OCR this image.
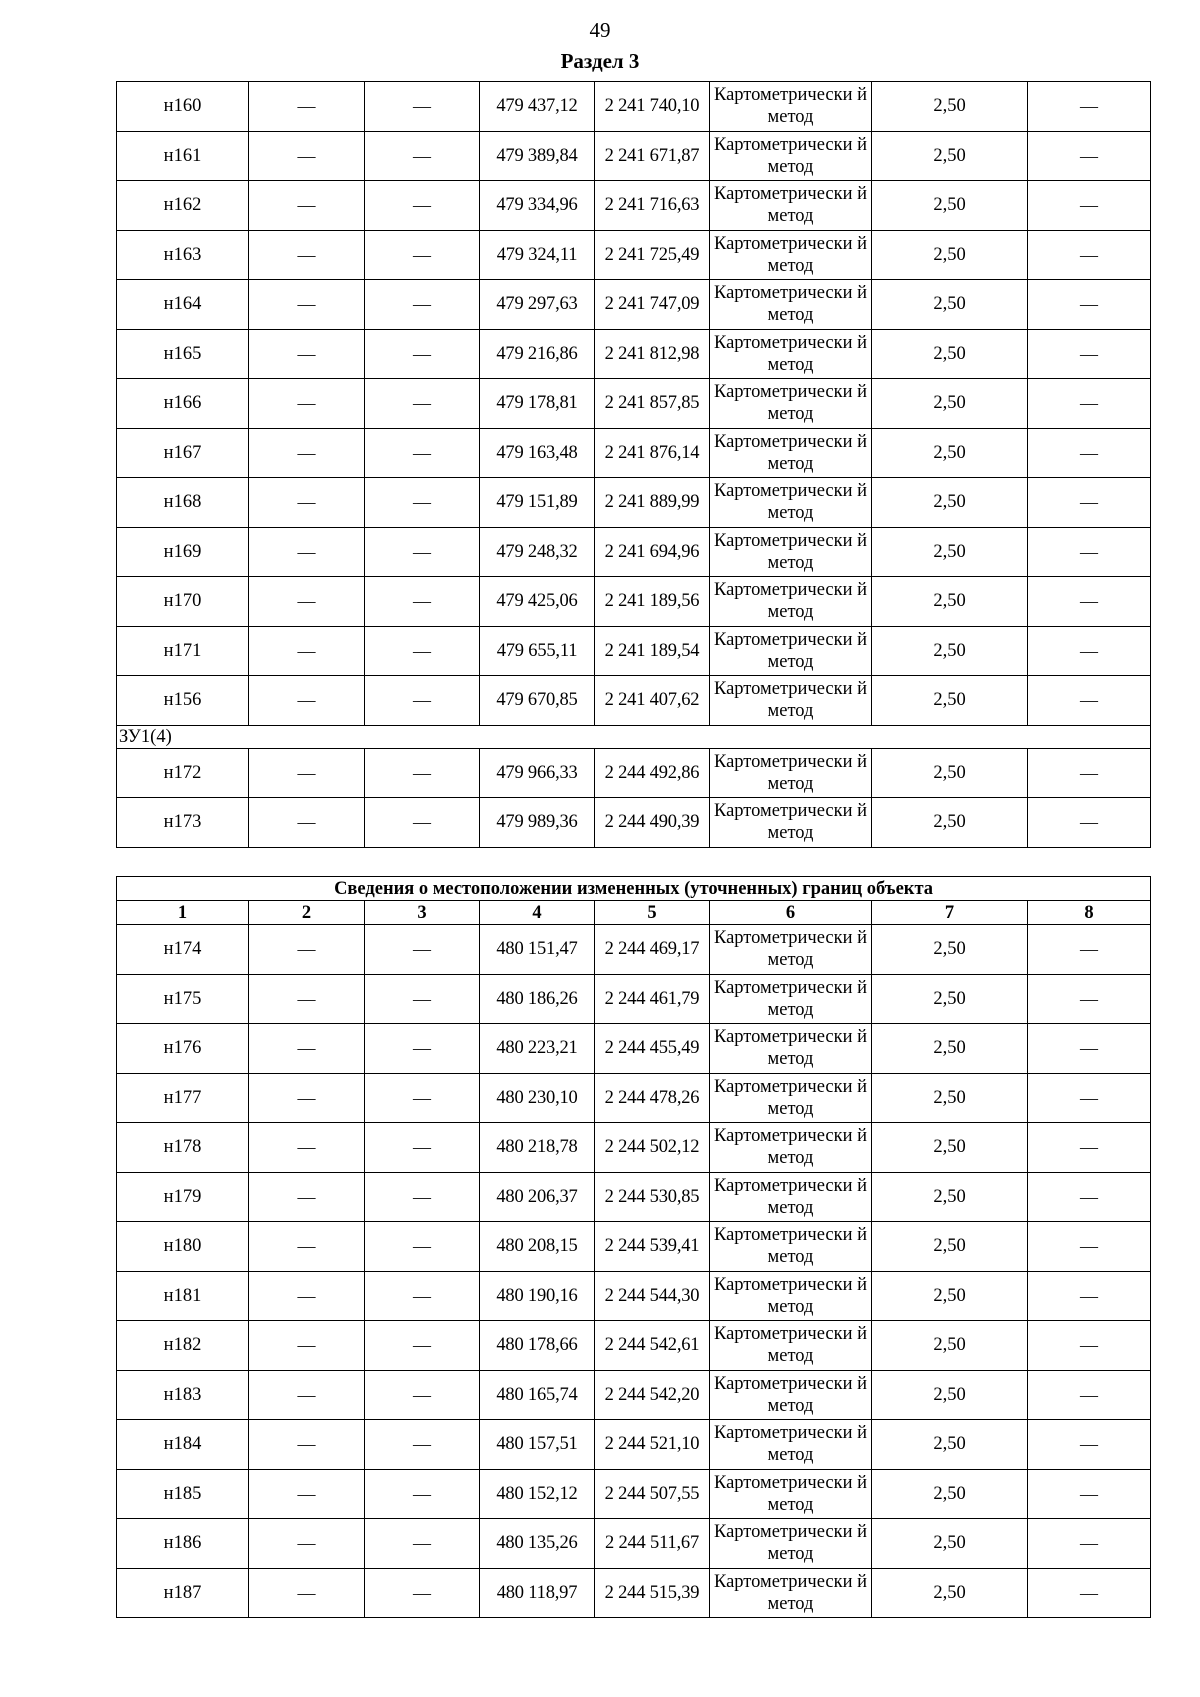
49
Раздел 3
н160	—	—	479 437,12	2 241 740,10	Картометрически й метод	2,50	—
н161	—	—	479 389,84	2 241 671,87	Картометрически й метод	2,50	—
н162	—	—	479 334,96	2 241 716,63	Картометрически й метод	2,50	—
н163	—	—	479 324,11	2 241 725,49	Картометрически й метод	2,50	—
н164	—	—	479 297,63	2 241 747,09	Картометрически й метод	2,50	—
н165	—	—	479 216,86	2 241 812,98	Картометрически й метод	2,50	—
н166	—	—	479 178,81	2 241 857,85	Картометрически й метод	2,50	—
н167	—	—	479 163,48	2 241 876,14	Картометрически й метод	2,50	—
н168	—	—	479 151,89	2 241 889,99	Картометрически й метод	2,50	—
н169	—	—	479 248,32	2 241 694,96	Картометрически й метод	2,50	—
н170	—	—	479 425,06	2 241 189,56	Картометрически й метод	2,50	—
н171	—	—	479 655,11	2 241 189,54	Картометрически й метод	2,50	—
н156	—	—	479 670,85	2 241 407,62	Картометрически й метод	2,50	—
ЗУ1(4)							
н172	—	—	479 966,33	2 244 492,86	Картометрически й метод	2,50	—
н173	—	—	479 989,36	2 244 490,39	Картометрически й метод	2,50	—
Сведения о местоположении измененных (уточненных) границ объекта							
1	2	3	4	5	6	7	8
н174	—	—	480 151,47	2 244 469,17	Картометрически й метод	2,50	—
н175	—	—	480 186,26	2 244 461,79	Картометрически й метод	2,50	—
н176	—	—	480 223,21	2 244 455,49	Картометрически й метод	2,50	—
н177	—	—	480 230,10	2 244 478,26	Картометрически й метод	2,50	—
н178	—	—	480 218,78	2 244 502,12	Картометрически й метод	2,50	—
н179	—	—	480 206,37	2 244 530,85	Картометрически й метод	2,50	—
н180	—	—	480 208,15	2 244 539,41	Картометрически й метод	2,50	—
н181	—	—	480 190,16	2 244 544,30	Картометрически й метод	2,50	—
н182	—	—	480 178,66	2 244 542,61	Картометрически й метод	2,50	—
н183	—	—	480 165,74	2 244 542,20	Картометрически й метод	2,50	—
н184	—	—	480 157,51	2 244 521,10	Картометрически й метод	2,50	—
н185	—	—	480 152,12	2 244 507,55	Картометрически й метод	2,50	—
н186	—	—	480 135,26	2 244 511,67	Картометрически й метод	2,50	—
н187	—	—	480 118,97	2 244 515,39	Картометрически й метод	2,50	—
